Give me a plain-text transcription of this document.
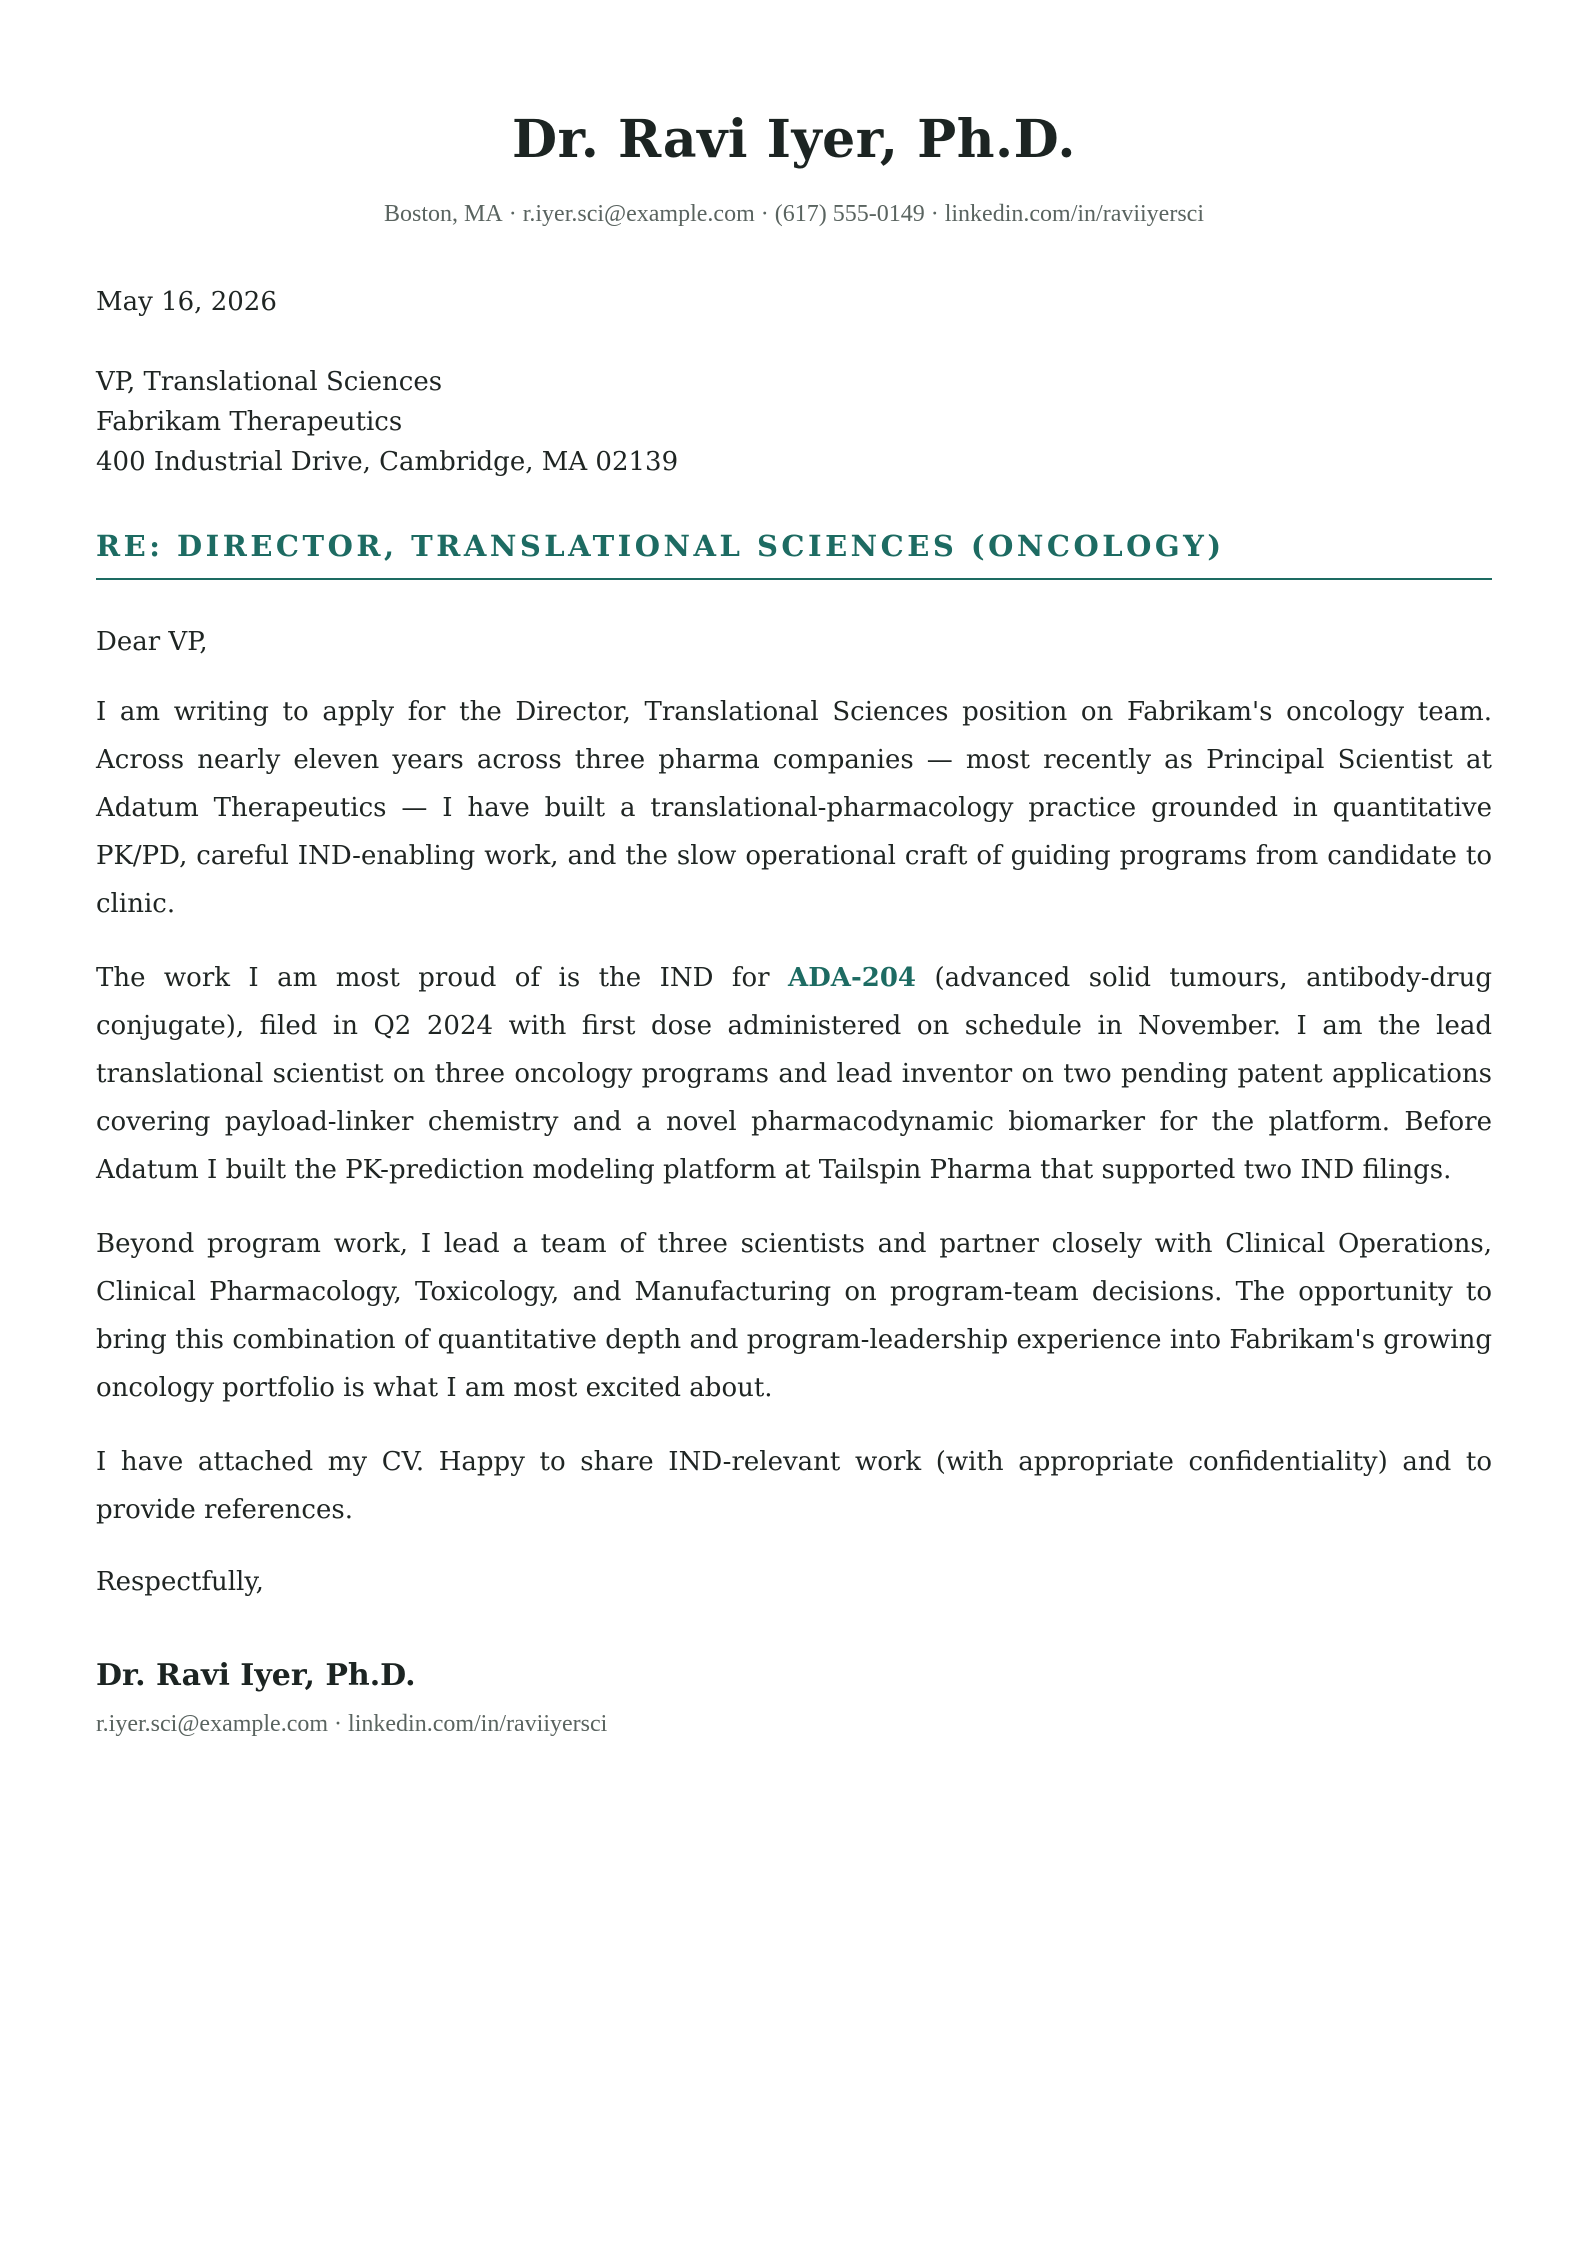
Dr. Ravi Iyer, Ph.D.
Boston, MA · r.iyer.sci@example.com · (617) 555-0149 · linkedin.com/in/raviiyersci
May 16, 2026
VP, Translational Sciences
Fabrikam Therapeutics
400 Industrial Drive, Cambridge, MA 02139
RE: DIRECTOR, TRANSLATIONAL SCIENCES (ONCOLOGY)
Dear VP,

I am writing to apply for the Director, Translational Sciences position on Fabrikam's oncology team. Across nearly eleven years across three pharma companies — most recently as Principal Scientist at Adatum Therapeutics — I have built a translational-pharmacology practice grounded in quantitative PK/PD, careful IND-enabling work, and the slow operational craft of guiding programs from candidate to clinic.

The work I am most proud of is the IND for ADA-204 (advanced solid tumours, antibody-drug conjugate), filed in Q2 2024 with first dose administered on schedule in November. I am the lead translational scientist on three oncology programs and lead inventor on two pending patent applications covering payload-linker chemistry and a novel pharmacodynamic biomarker for the platform. Before Adatum I built the PK-prediction modeling platform at Tailspin Pharma that supported two IND filings.

Beyond program work, I lead a team of three scientists and partner closely with Clinical Operations, Clinical Pharmacology, Toxicology, and Manufacturing on program-team decisions. The opportunity to bring this combination of quantitative depth and program-leadership experience into Fabrikam's growing oncology portfolio is what I am most excited about.

I have attached my CV. Happy to share IND-relevant work (with appropriate confidentiality) and to provide references.

Respectfully,
Dr. Ravi Iyer, Ph.D.
r.iyer.sci@example.com · linkedin.com/in/raviiyersci
